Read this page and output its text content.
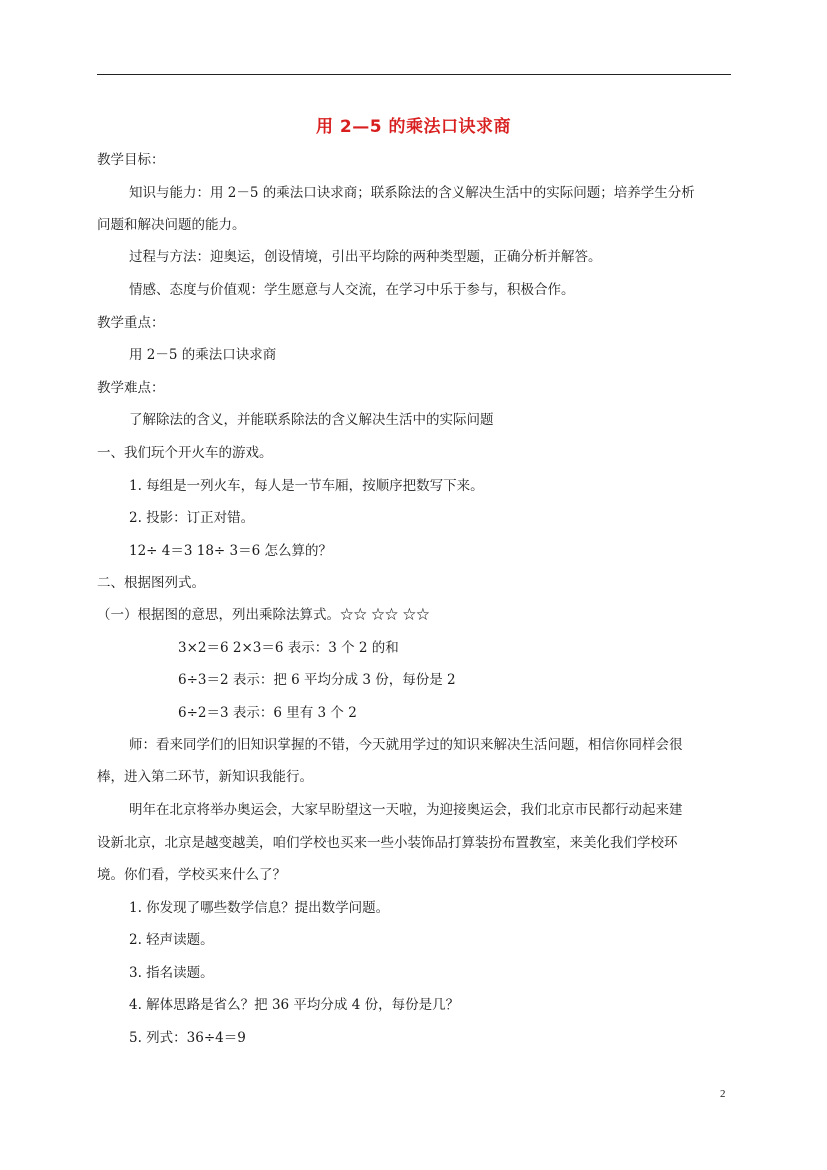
用 2—5 的乘法口诀求商
教学目标：
知识与能力：用 2－5 的乘法口诀求商；联系除法的含义解决生活中的实际问题；培养学生分析
问题和解决问题的能力。
过程与方法：迎奥运，创设情境，引出平均除的两种类型题，正确分析并解答。
情感、态度与价值观：学生愿意与人交流，在学习中乐于参与，积极合作。
教学重点：
用 2－5 的乘法口诀求商
教学难点：
了解除法的含义，并能联系除法的含义解决生活中的实际问题
一、我们玩个开火车的游戏。
1. 每组是一列火车，每人是一节车厢，按顺序把数写下来。
2. 投影：订正对错。
12÷ 4＝3 18÷ 3＝6 怎么算的？
二、根据图列式。
（一）根据图的意思，列出乘除法算式。☆☆ ☆☆ ☆☆
3×2＝6 2×3＝6 表示：3 个 2 的和
6÷3＝2 表示：把 6 平均分成 3 份，每份是 2
6÷2＝3 表示：6 里有 3 个 2
师：看来同学们的旧知识掌握的不错，今天就用学过的知识来解决生活问题，相信你同样会很
棒，进入第二环节，新知识我能行。
明年在北京将举办奥运会，大家早盼望这一天啦，为迎接奥运会，我们北京市民都行动起来建
设新北京，北京是越变越美，咱们学校也买来一些小装饰品打算装扮布置教室，来美化我们学校环
境。你们看，学校买来什么了？
1. 你发现了哪些数学信息？提出数学问题。
2. 轻声读题。
3. 指名读题。
4. 解体思路是省么？把 36 平均分成 4 份，每份是几？
5. 列式：36÷4＝9
2
